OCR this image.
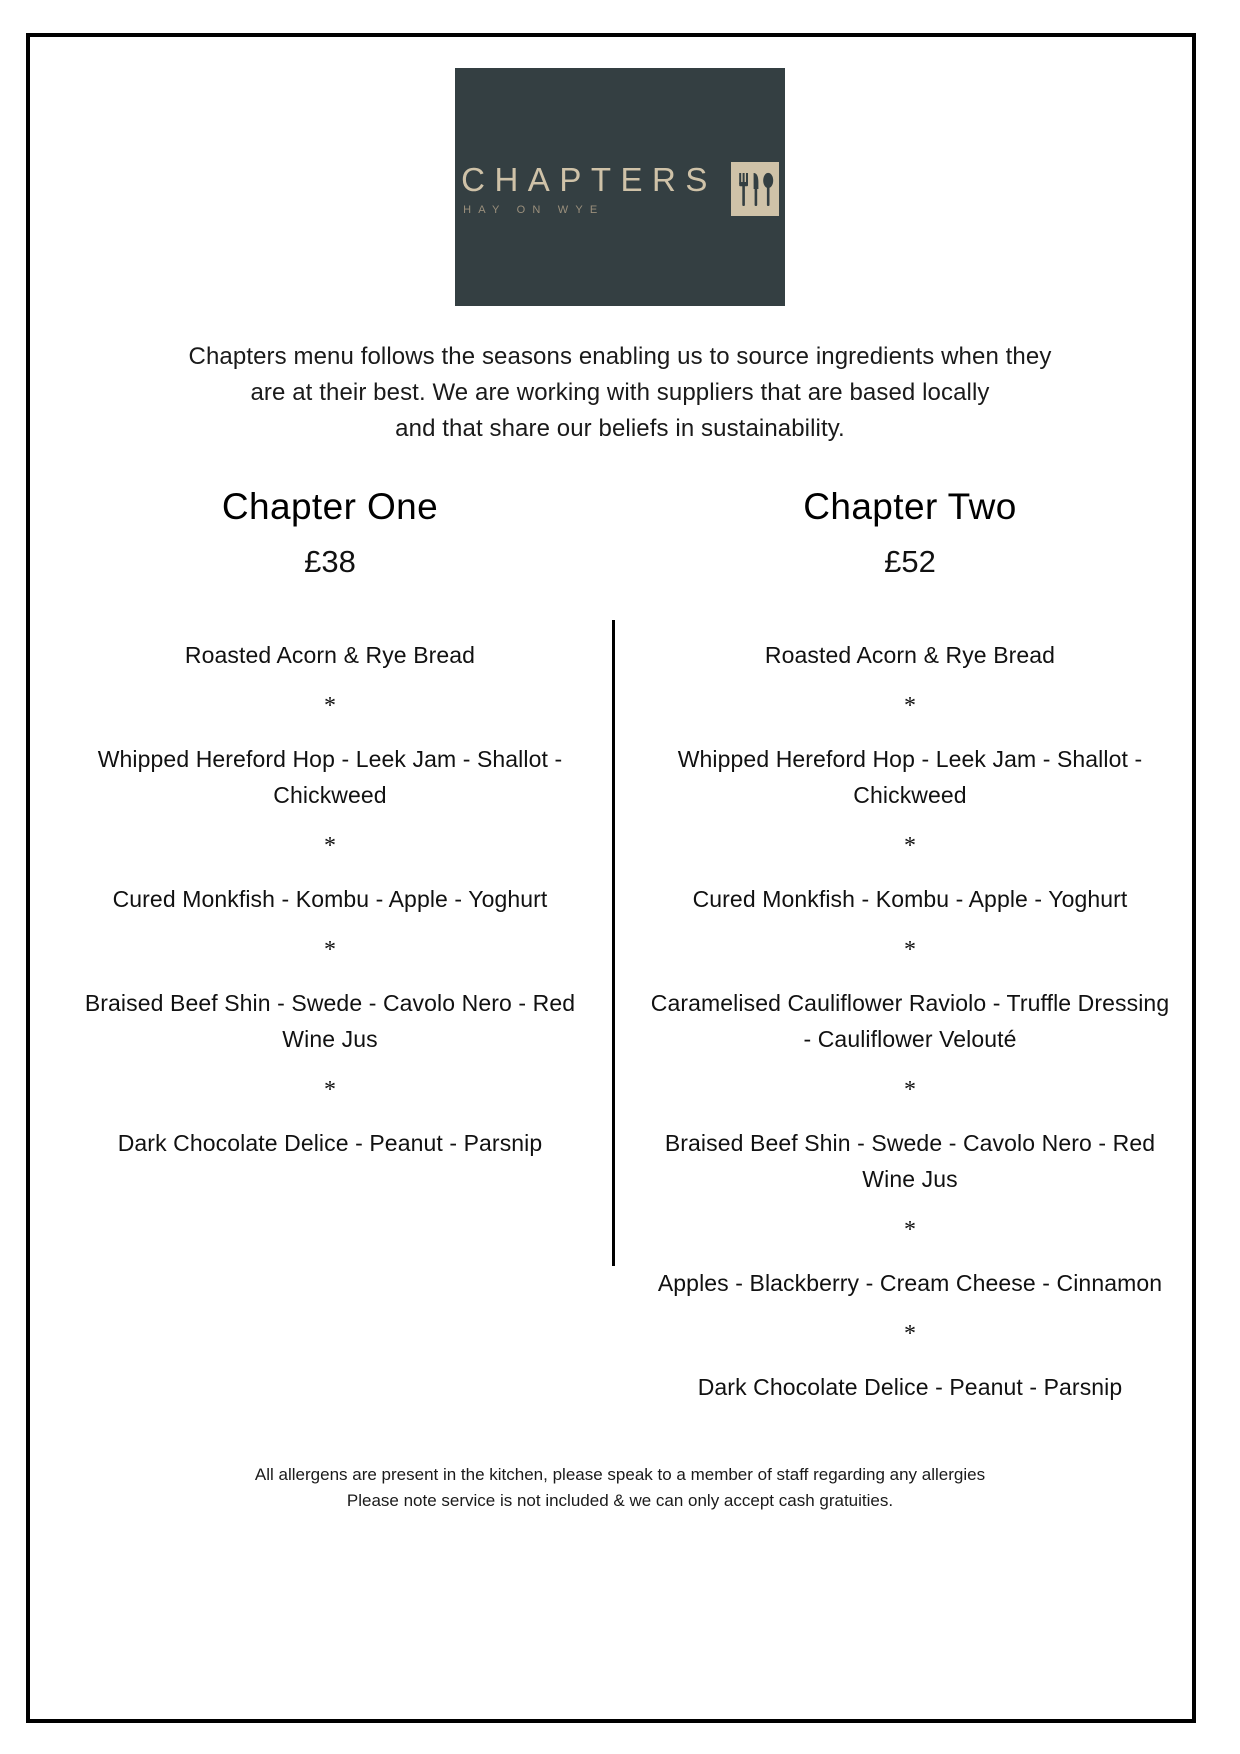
CHAPTERS
HAY ON WYE
Chapters menu follows the seasons enabling us to source ingredients when they
are at their best. We are working with suppliers that are based locally
and that share our beliefs in sustainability.
Chapter One
£38
Roasted Acorn & Rye Bread
*
Whipped Hereford Hop - Leek Jam - Shallot - Chickweed
*
Cured Monkfish - Kombu - Apple - Yoghurt
*
Braised Beef Shin - Swede - Cavolo Nero - Red Wine Jus
*
Dark Chocolate Delice - Peanut - Parsnip
Chapter Two
£52
Roasted Acorn & Rye Bread
*
Whipped Hereford Hop - Leek Jam - Shallot - Chickweed
*
Cured Monkfish - Kombu - Apple - Yoghurt
*
Caramelised Cauliflower Raviolo - Truffle Dressing - Cauliflower Velouté
*
Braised Beef Shin - Swede - Cavolo Nero - Red Wine Jus
*
Apples - Blackberry - Cream Cheese - Cinnamon
*
Dark Chocolate Delice - Peanut - Parsnip
All allergens are present in the kitchen, please speak to a member of staff regarding any allergies
Please note service is not included & we can only accept cash gratuities.
